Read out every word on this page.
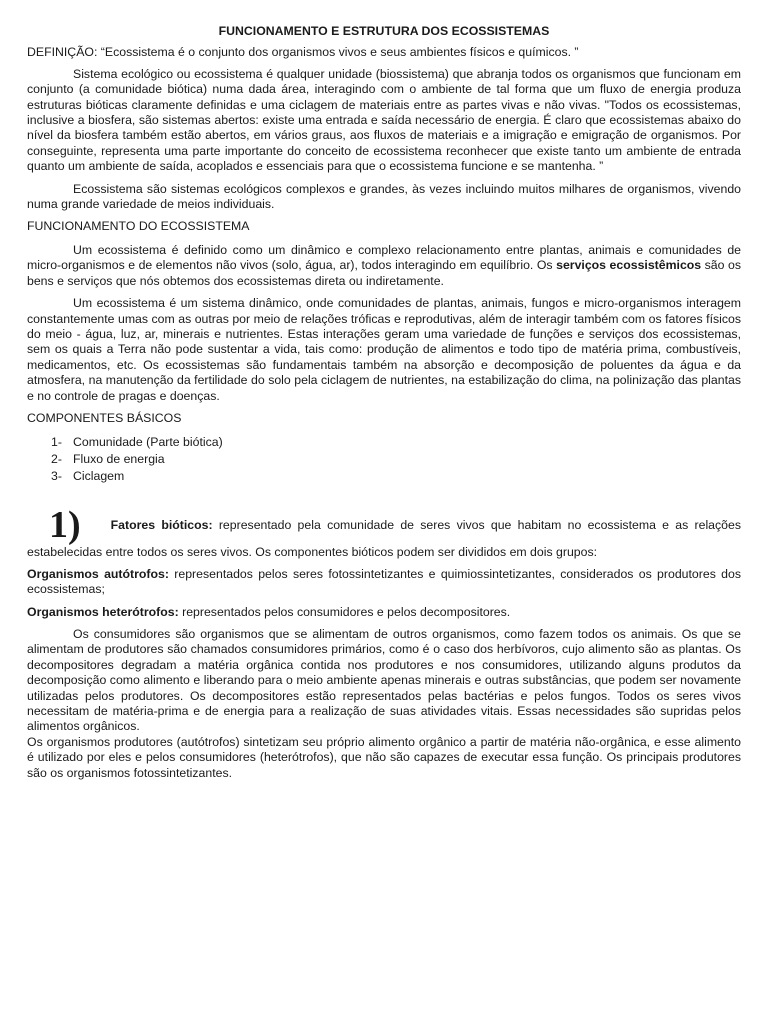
FUNCIONAMENTO E ESTRUTURA DOS ECOSSISTEMAS

DEFINIÇÃO: “Ecossistema é o conjunto dos organismos vivos e seus ambientes físicos e químicos. ”

Sistema ecológico ou ecossistema é qualquer unidade (biossistema) que abranja todos os organismos que funcionam em conjunto (a comunidade biótica) numa dada área, interagindo com o ambiente de tal forma que um fluxo de energia produza estruturas bióticas claramente definidas e uma ciclagem de materiais entre as partes vivas e não vivas. "Todos os ecossistemas, inclusive a biosfera, são sistemas abertos: existe uma entrada e saída necessário de energia. É claro que ecossistemas abaixo do nível da biosfera também estão abertos, em vários graus, aos fluxos de materiais e a imigração e emigração de organismos. Por conseguinte, representa uma parte importante do conceito de ecossistema reconhecer que existe tanto um ambiente de entrada quanto um ambiente de saída, acoplados e essenciais para que o ecossistema funcione e se mantenha. ”

Ecossistema são sistemas ecológicos complexos e grandes, às vezes incluindo muitos milhares de organismos, vivendo numa grande variedade de meios individuais.

FUNCIONAMENTO DO ECOSSISTEMA

Um ecossistema é definido como um dinâmico e complexo relacionamento entre plantas, animais e comunidades de micro-organismos e de elementos não vivos (solo, água, ar), todos interagindo em equilíbrio. Os serviços ecossistêmicos são os bens e serviços que nós obtemos dos ecossistemas direta ou indiretamente.

Um ecossistema é um sistema dinâmico, onde comunidades de plantas, animais, fungos e micro-organismos interagem constantemente umas com as outras por meio de relações tróficas e reprodutivas, além de interagir também com os fatores físicos do meio - água, luz, ar, minerais e nutrientes. Estas interações geram uma variedade de funções e serviços dos ecossistemas, sem os quais a Terra não pode sustentar a vida, tais como: produção de alimentos e todo tipo de matéria prima, combustíveis, medicamentos, etc. Os ecossistemas são fundamentais também na absorção e decomposição de poluentes da água e da atmosfera, na manutenção da fertilidade do solo pela ciclagem de nutrientes, na estabilização do clima, na polinização das plantas e no controle de pragas e doenças.

COMPONENTES BÁSICOS

1- Comunidade (Parte biótica)
2- Fluxo de energia
3- Ciclagem

1) Fatores bióticos: representado pela comunidade de seres vivos que habitam no ecossistema e as relações estabelecidas entre todos os seres vivos. Os componentes bióticos podem ser divididos em dois grupos:

Organismos autótrofos: representados pelos seres fotossintetizantes e quimiossintetizantes, considerados os produtores dos ecossistemas;

Organismos heterótrofos: representados pelos consumidores e pelos decompositores.

Os consumidores são organismos que se alimentam de outros organismos, como fazem todos os animais. Os que se alimentam de produtores são chamados consumidores primários, como é o caso dos herbívoros, cujo alimento são as plantas. Os decompositores degradam a matéria orgânica contida nos produtores e nos consumidores, utilizando alguns produtos da decomposição como alimento e liberando para o meio ambiente apenas minerais e outras substâncias, que podem ser novamente utilizadas pelos produtores. Os decompositores estão representados pelas bactérias e pelos fungos. Todos os seres vivos necessitam de matéria-prima e de energia para a realização de suas atividades vitais. Essas necessidades são supridas pelos alimentos orgânicos.

Os organismos produtores (autótrofos) sintetizam seu próprio alimento orgânico a partir de matéria não-orgânica, e esse alimento é utilizado por eles e pelos consumidores (heterótrofos), que não são capazes de executar essa função. Os principais produtores são os organismos fotossintetizantes.
